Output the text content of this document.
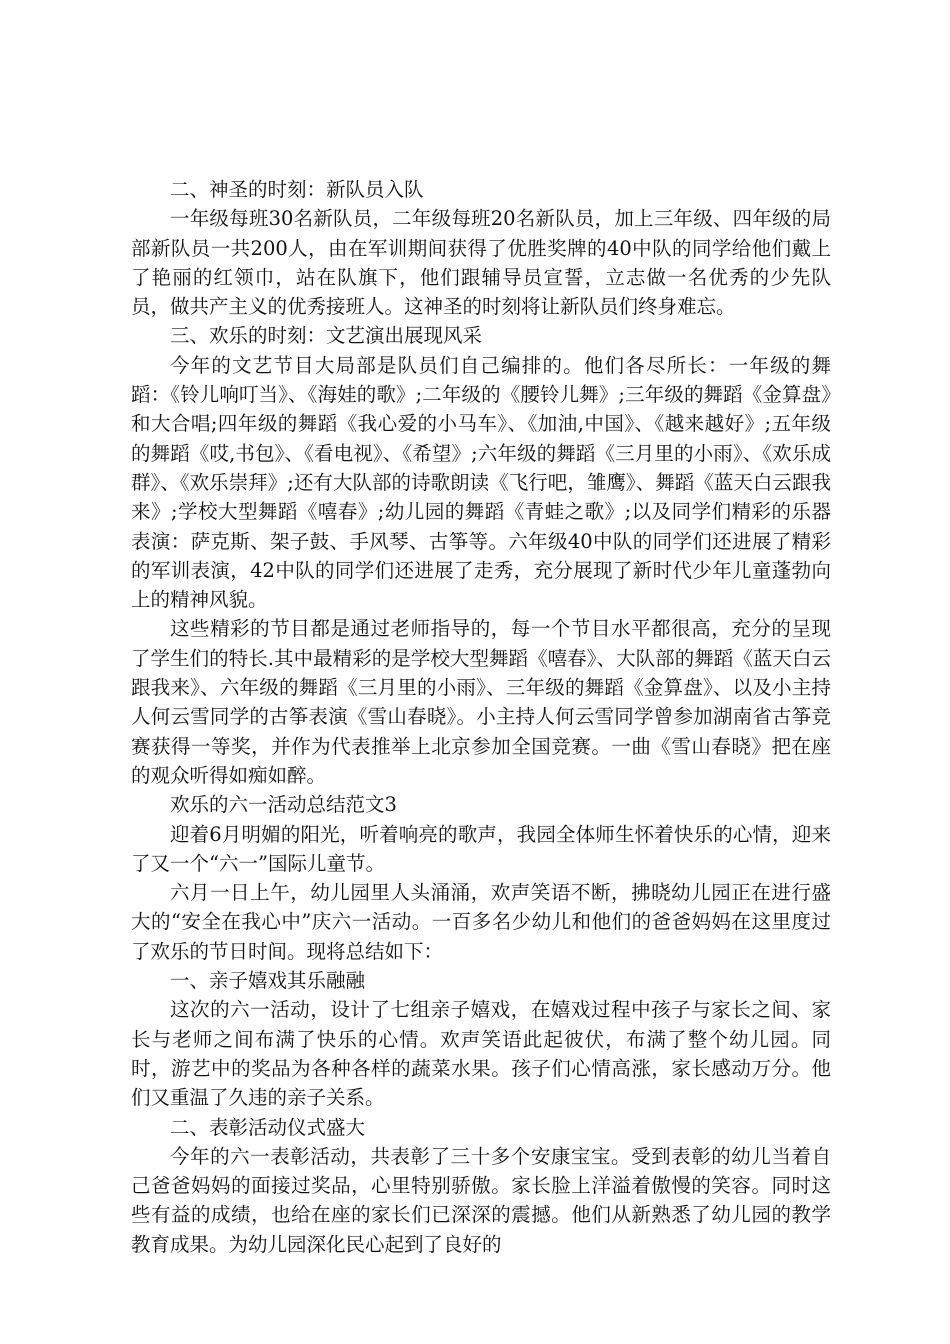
二、神圣的时刻：新队员入队

一年级每班30名新队员，二年级每班20名新队员，加上三年级、四年级的局部新队员一共200人，由在军训期间获得了优胜奖牌的40中队的同学给他们戴上了艳丽的红领巾，站在队旗下，他们跟辅导员宣誓，立志做一名优秀的少先队员，做共产主义的优秀接班人。这神圣的时刻将让新队员们终身难忘。

三、欢乐的时刻：文艺演出展现风采

今年的文艺节目大局部是队员们自己编排的。他们各尽所长：一年级的舞蹈：《铃儿响叮当》、《海娃的歌》;二年级的《腰铃儿舞》;三年级的舞蹈《金算盘》和大合唱;四年级的舞蹈《我心爱的小马车》、《加油,中国》、《越来越好》;五年级的舞蹈《哎,书包》、《看电视》、《希望》;六年级的舞蹈《三月里的小雨》、《欢乐成群》、《欢乐崇拜》;还有大队部的诗歌朗读《飞行吧，雏鹰》、舞蹈《蓝天白云跟我来》;学校大型舞蹈《嘻春》;幼儿园的舞蹈《青蛙之歌》;以及同学们精彩的乐器表演：萨克斯、架子鼓、手风琴、古筝等。六年级40中队的同学们还进展了精彩的军训表演，42中队的同学们还进展了走秀，充分展现了新时代少年儿童蓬勃向上的精神风貌。

这些精彩的节目都是通过老师指导的，每一个节目水平都很高，充分的呈现了学生们的特长.其中最精彩的是学校大型舞蹈《嘻春》、大队部的舞蹈《蓝天白云跟我来》、六年级的舞蹈《三月里的小雨》、三年级的舞蹈《金算盘》、以及小主持人何云雪同学的古筝表演《雪山春晓》。小主持人何云雪同学曾参加湖南省古筝竞赛获得一等奖，并作为代表推举上北京参加全国竞赛。一曲《雪山春晓》把在座的观众听得如痴如醉。

欢乐的六一活动总结范文3

迎着6月明媚的阳光，听着响亮的歌声，我园全体师生怀着快乐的心情，迎来了又一个“六一”国际儿童节。

六月一日上午，幼儿园里人头涌涌，欢声笑语不断，拂晓幼儿园正在进行盛大的“安全在我心中”庆六一活动。一百多名少幼儿和他们的爸爸妈妈在这里度过了欢乐的节日时间。现将总结如下：

一、亲子嬉戏其乐融融

这次的六一活动，设计了七组亲子嬉戏，在嬉戏过程中孩子与家长之间、家长与老师之间布满了快乐的心情。欢声笑语此起彼伏，布满了整个幼儿园。同时，游艺中的奖品为各种各样的蔬菜水果。孩子们心情高涨，家长感动万分。他们又重温了久违的亲子关系。

二、表彰活动仪式盛大

今年的六一表彰活动，共表彰了三十多个安康宝宝。受到表彰的幼儿当着自己爸爸妈妈的面接过奖品，心里特别骄傲。家长脸上洋溢着傲慢的笑容。同时这些有益的成绩，也给在座的家长们已深深的震撼。他们从新熟悉了幼儿园的教学教育成果。为幼儿园深化民心起到了良好的
